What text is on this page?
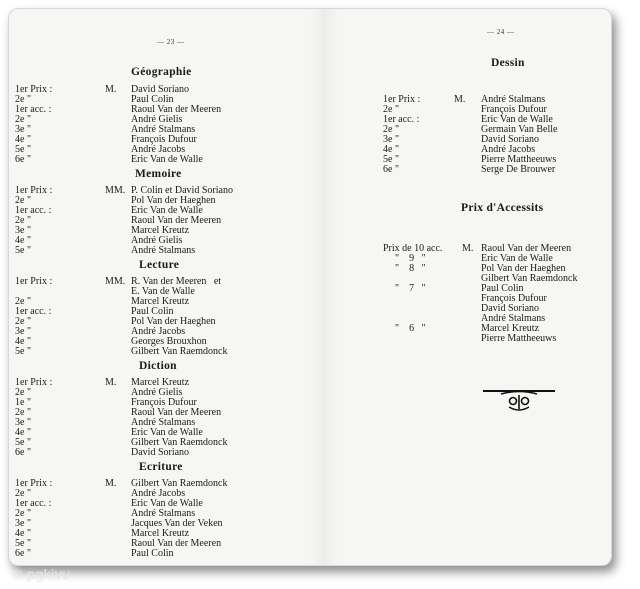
— 23 —
Géographie
1er Prix :	M. David Soriano
2e "	Paul Colin
1er acc. :	Raoul Van der Meeren
2e "	André Gielis
3e "	André Stalmans
4e "	François Dufour
5e "	André Jacobs
6e "	Eric Van de Walle
Memoire
1er Prix :	MM. P. Colin et David Soriano
2e "	Pol Van der Haeghen
1er acc. :	Eric Van de Walle
2e "	Raoul Van der Meeren
3e "	Marcel Kreutz
4e "	André Gielis
5e "	André Stalmans
Lecture
1er Prix :	MM. R. Van der Meeren   et
E. Van de Walle
2e "	Marcel Kreutz
1er acc. :	Paul Colin
2e "	Pol Van der Haeghen
3e "	André Jacobs
4e "	Georges Brouxhon
5e "	Gilbert Van Raemdonck
Diction
1er Prix :	M. Marcel Kreutz
2e "	André Gielis
1e "	François Dufour
2e "	Raoul Van der Meeren
3e "	André Stalmans
4e "	Eric Van de Walle
5e "	Gilbert Van Raemdonck
6e "	David Soriano
Ecriture
1er Prix :	M. Gilbert Van Raemdonck
2e "	André Jacobs
1er acc. :	Eric Van de Walle
2e "	André Stalmans
3e "	Jacques Van der Veken
4e "	Marcel Kreutz
5e "	Raoul Van der Meeren
6e "	Paul Colin
— 24 —
Dessin
1er Prix :	M. André Stalmans
2e "	François Dufour
1er acc. :	Eric Van de Walle
2e "	Germain Van Belle
3e "	David Soriano
4e "	André Jacobs
5e "	Pierre Mattheeuws
6e "	Serge De Brouwer
Prix d'Accessits
Prix de 10 acc. M. Raoul Van der Meeren
"    9   "	Eric Van de Walle
"    8   "	Pol Van der Haeghen
Gilbert Van Raemdonck
"    7   "	Paul Colin
François Dufour
David Soriano
André Stalmans
"    6   "	Marcel Kreutz
Pierre Mattheeuws
© pgkivu
